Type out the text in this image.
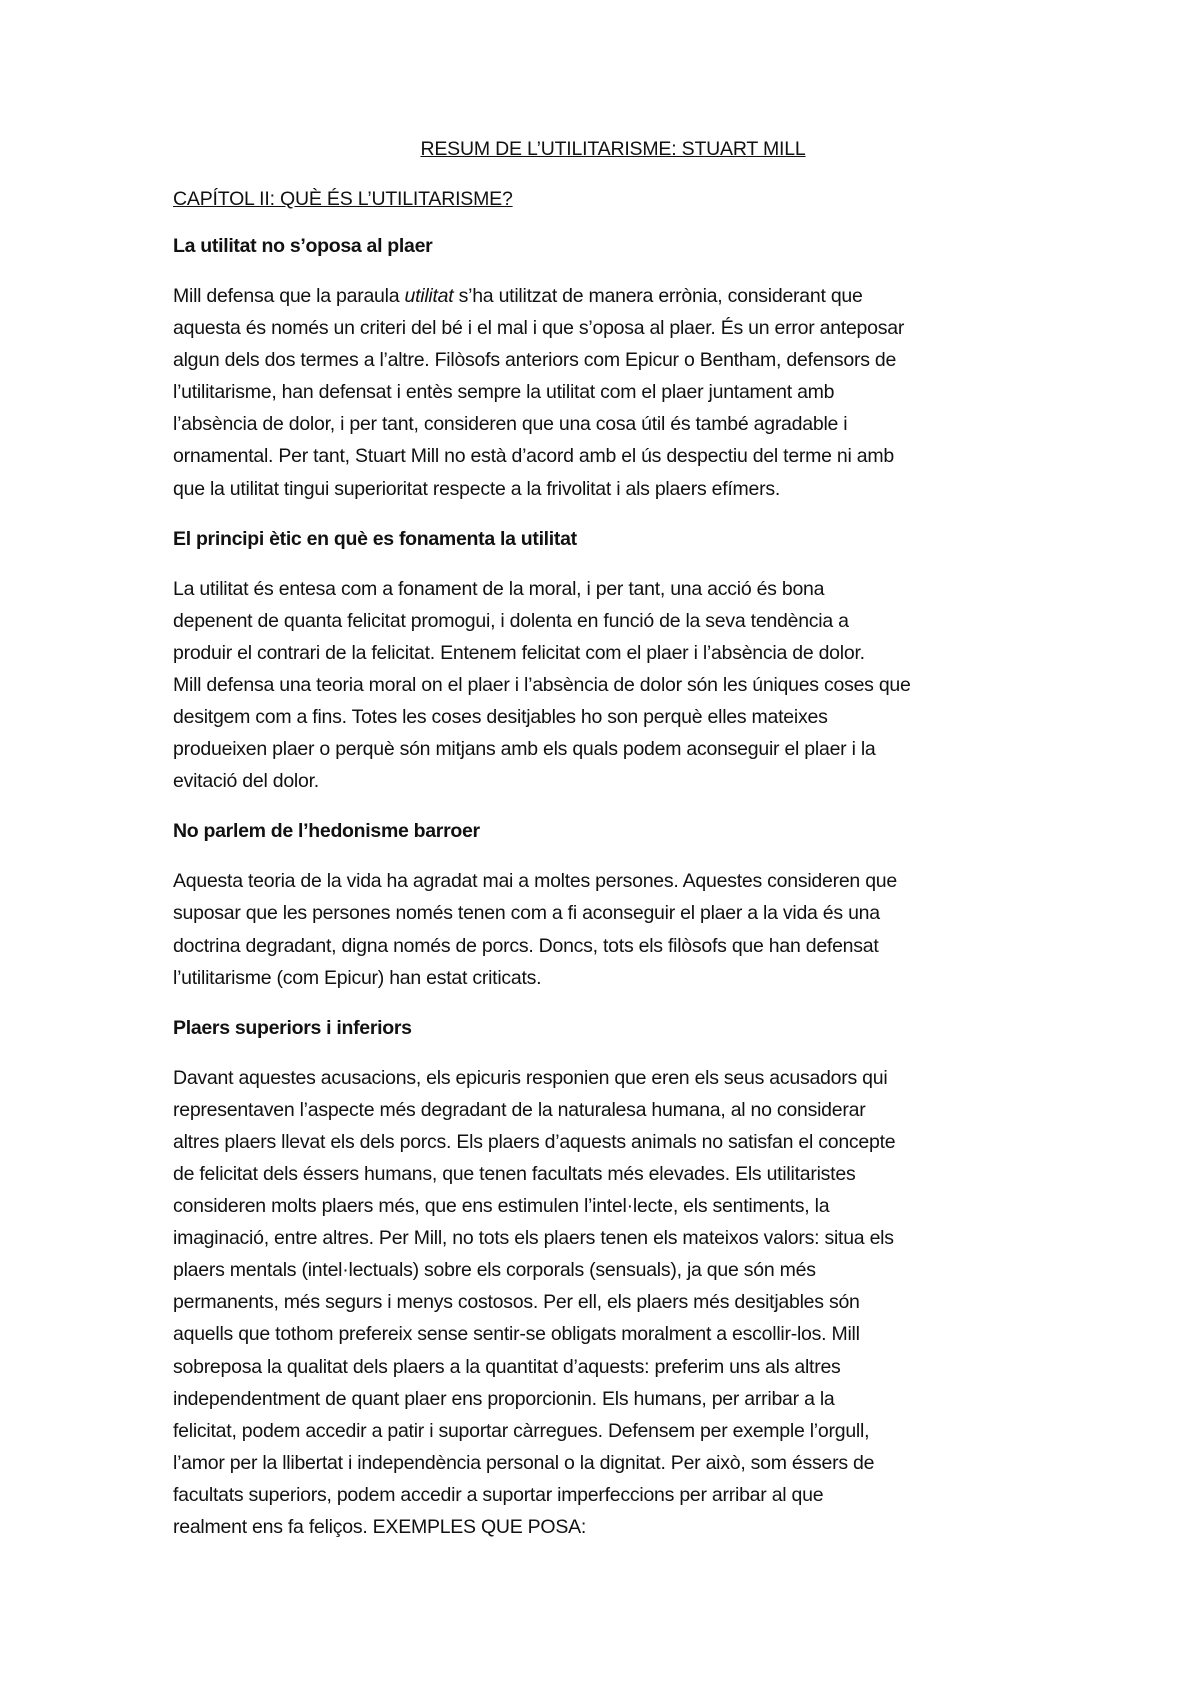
RESUM DE L’UTILITARISME: STUART MILL
CAPÍTOL II: QUÈ ÉS L’UTILITARISME?
La utilitat no s’oposa al plaer
Mill defensa que la paraula utilitat s’ha utilitzat de manera errònia, considerant que
aquesta és només un criteri del bé i el mal i que s’oposa al plaer. És un error anteposar
algun dels dos termes a l’altre. Filòsofs anteriors com Epicur o Bentham, defensors de
l’utilitarisme, han defensat i entès sempre la utilitat com el plaer juntament amb
l’absència de dolor, i per tant, consideren que una cosa útil és també agradable i
ornamental. Per tant, Stuart Mill no està d’acord amb el ús despectiu del terme ni amb
que la utilitat tingui superioritat respecte a la frivolitat i als plaers efímers.
El principi ètic en què es fonamenta la utilitat
La utilitat és entesa com a fonament de la moral, i per tant, una acció és bona
depenent de quanta felicitat promogui, i dolenta en funció de la seva tendència a
produir el contrari de la felicitat. Entenem felicitat com el plaer i l’absència de dolor.
Mill defensa una teoria moral on el plaer i l’absència de dolor són les úniques coses que
desitgem com a fins. Totes les coses desitjables ho son perquè elles mateixes
produeixen plaer o perquè són mitjans amb els quals podem aconseguir el plaer i la
evitació del dolor.
No parlem de l’hedonisme barroer
Aquesta teoria de la vida ha agradat mai a moltes persones. Aquestes consideren que
suposar que les persones només tenen com a fi aconseguir el plaer a la vida és una
doctrina degradant, digna només de porcs. Doncs, tots els filòsofs que han defensat
l’utilitarisme (com Epicur) han estat criticats.
Plaers superiors i inferiors
Davant aquestes acusacions, els epicuris responien que eren els seus acusadors qui
representaven l’aspecte més degradant de la naturalesa humana, al no considerar
altres plaers llevat els dels porcs. Els plaers d’aquests animals no satisfan el concepte
de felicitat dels éssers humans, que tenen facultats més elevades. Els utilitaristes
consideren molts plaers més, que ens estimulen l’intel·lecte, els sentiments, la
imaginació, entre altres. Per Mill, no tots els plaers tenen els mateixos valors: situa els
plaers mentals (intel·lectuals) sobre els corporals (sensuals), ja que són més
permanents, més segurs i menys costosos. Per ell, els plaers més desitjables són
aquells que tothom prefereix sense sentir-se obligats moralment a escollir-los. Mill
sobreposa la qualitat dels plaers a la quantitat d’aquests: preferim uns als altres
independentment de quant plaer ens proporcionin. Els humans, per arribar a la
felicitat, podem accedir a patir i suportar càrregues. Defensem per exemple l’orgull,
l’amor per la llibertat i independència personal o la dignitat. Per això, som éssers de
facultats superiors, podem accedir a suportar imperfeccions per arribar al que
realment ens fa feliços. EXEMPLES QUE POSA:
